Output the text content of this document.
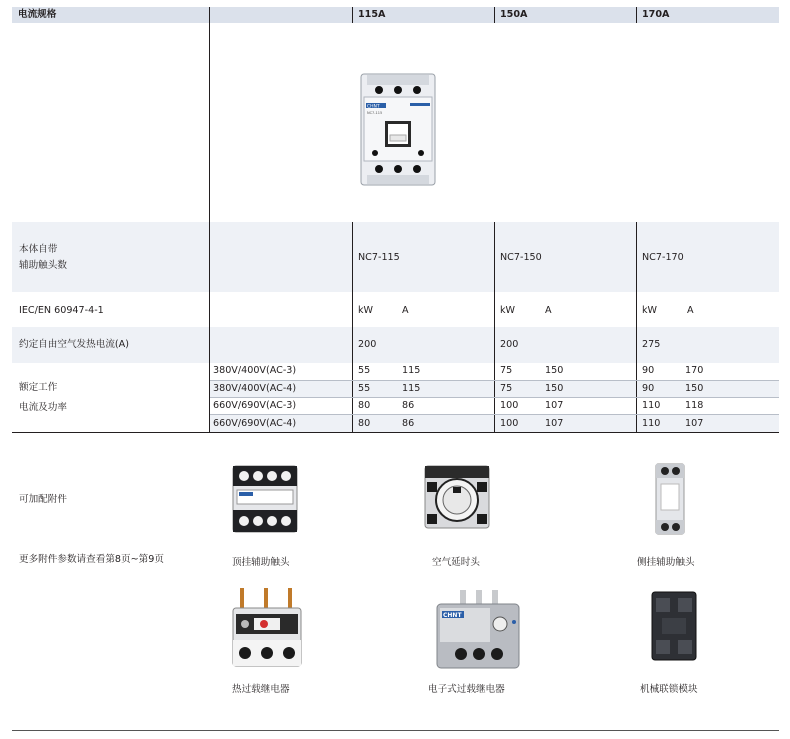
电流规格	115A	150A	170A
CHNT
NC7-115
本体自带
辅助触头数
NC7-115	NC7-150	NC7-170
IEC/EN 60947-4-1	kW	A	kW	A	kW	A
约定自由空气发热电流(A)	200	200	275
额定工作
电流及功率
380V/400V(AC-3)	55	115	75	150	90	170
380V/400V(AC-4)	55	115	75	150	90	150
660V/690V(AC-3)	80	86	100	107	110	118
660V/690V(AC-4)	80	86	100	107	110	107
可加配附件
更多附件参数请查看第8页~第9页	顶挂辅助触头	空气延时头	侧挂辅助触头
热过载继电器
CHNT
电子式过载继电器	机械联锁模块
